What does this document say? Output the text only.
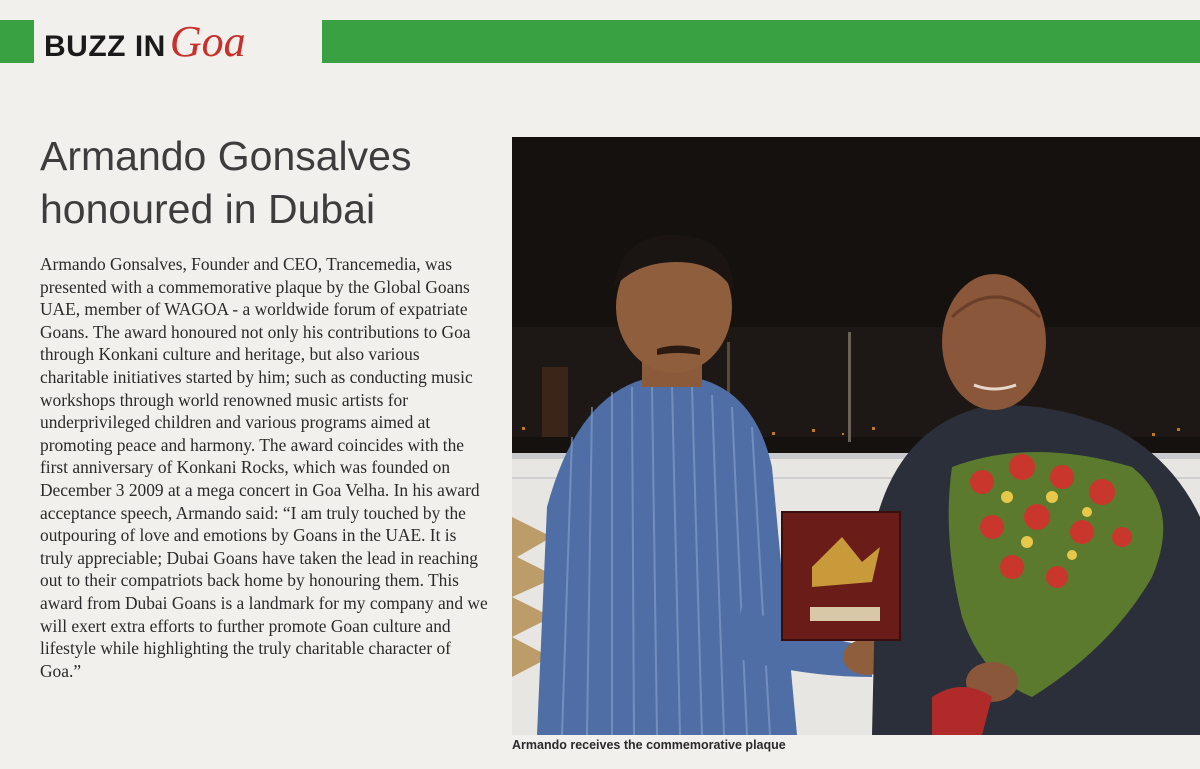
BUZZ IN Goa
Armando Gonsalves
honoured in Dubai

Armando Gonsalves, Founder and CEO, Trancemedia, was presented with a commemorative plaque by the Global Goans UAE, member of WAGOA - a worldwide forum of expatriate Goans. The award honoured not only his contributions to Goa through Konkani culture and heritage, but also various charitable initiatives started by him; such as conducting music workshops through world renowned music artists for underprivileged children and various programs aimed at promoting peace and harmony. The award coincides with the first anniversary of Konkani Rocks, which was founded on December 3 2009 at a mega concert in Goa Velha. In his award acceptance speech, Armando said: “I am truly touched by the outpouring of love and emotions by Goans in the UAE. It is truly appreciable; Dubai Goans have taken the lead in reaching out to their compatriots back home by honouring them. This award from Dubai Goans is a landmark for my company and we will exert extra efforts to further promote Goan culture and lifestyle while highlighting the truly charitable character of Goa.”

Armando receives the commemorative plaque
